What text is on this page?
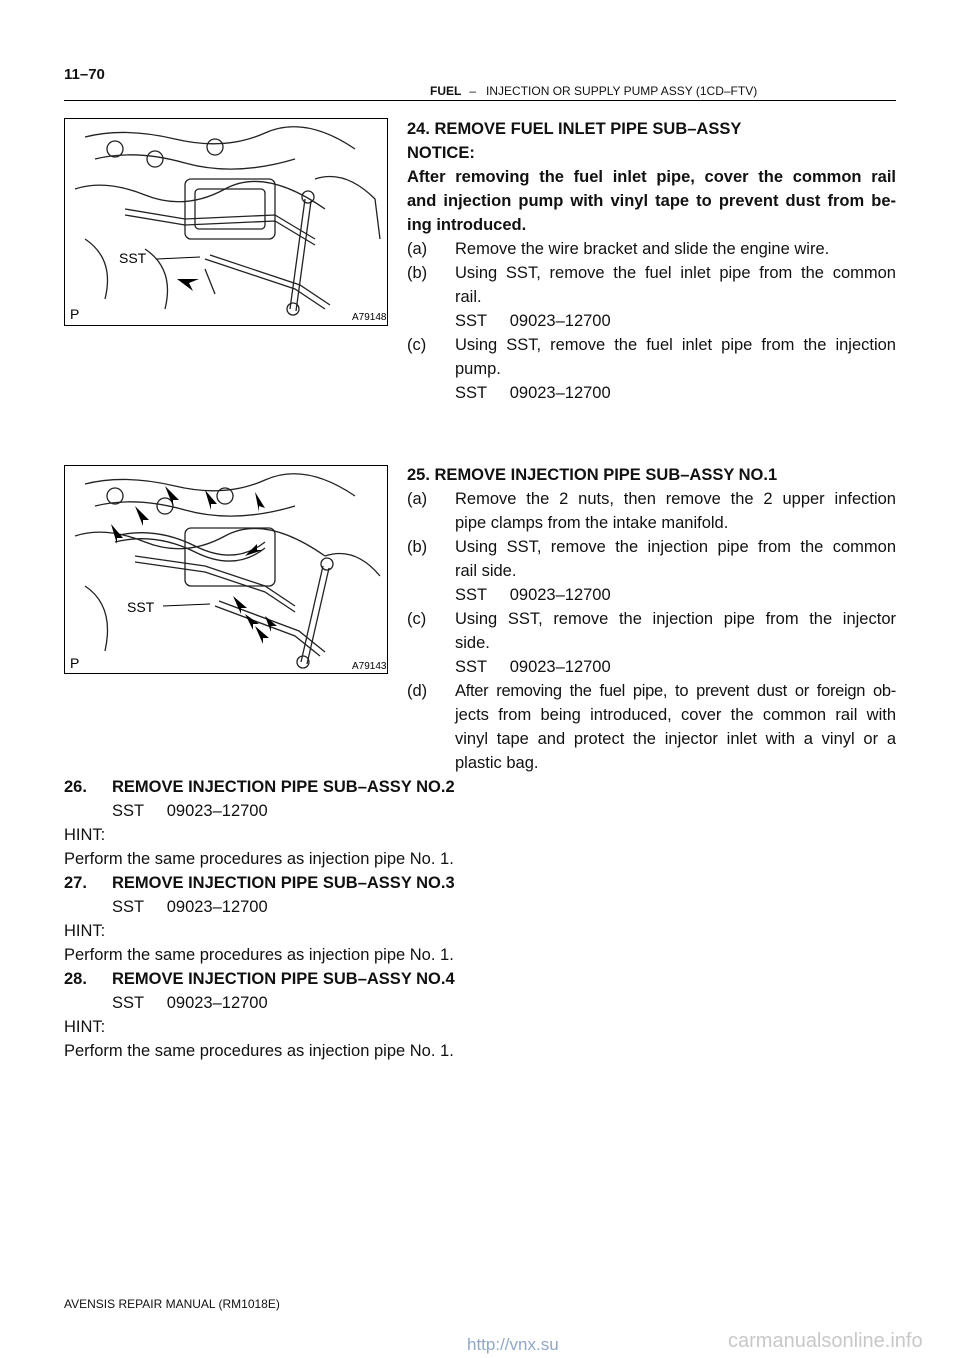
11–70
FUEL – INJECTION OR SUPPLY PUMP ASSY (1CD–FTV)
SST
P	A79148
SST
P	A79143
24. REMOVE FUEL INLET PIPE SUB–ASSY
NOTICE:
After removing the fuel inlet pipe, cover the common rail
and injection pump with vinyl tape to prevent dust from be-
ing introduced.
(a) Remove the wire bracket and slide the engine wire.
(b) Using SST, remove the fuel inlet pipe from the common
rail.
SST     09023–12700
(c) Using SST, remove the fuel inlet pipe from the injection
pump.
SST     09023–12700
25. REMOVE INJECTION PIPE SUB–ASSY NO.1
(a) Remove the 2 nuts, then remove the 2 upper infection
pipe clamps from the intake manifold.
(b) Using SST, remove the injection pipe from the common
rail side.
SST     09023–12700
(c) Using SST, remove the injection pipe from the injector
side.
SST     09023–12700
(d) After removing the fuel pipe, to prevent dust or foreign ob-
jects from being introduced, cover the common rail with
vinyl tape and protect the injector inlet with a vinyl or a
plastic bag.
26. REMOVE INJECTION PIPE SUB–ASSY NO.2
SST     09023–12700
HINT:
Perform the same procedures as injection pipe No. 1.
27. REMOVE INJECTION PIPE SUB–ASSY NO.3
SST     09023–12700
HINT:
Perform the same procedures as injection pipe No. 1.
28. REMOVE INJECTION PIPE SUB–ASSY NO.4
SST     09023–12700
HINT:
Perform the same procedures as injection pipe No. 1.
AVENSIS REPAIR MANUAL (RM1018E)
http://vnx.su	carmanualsonline.info
